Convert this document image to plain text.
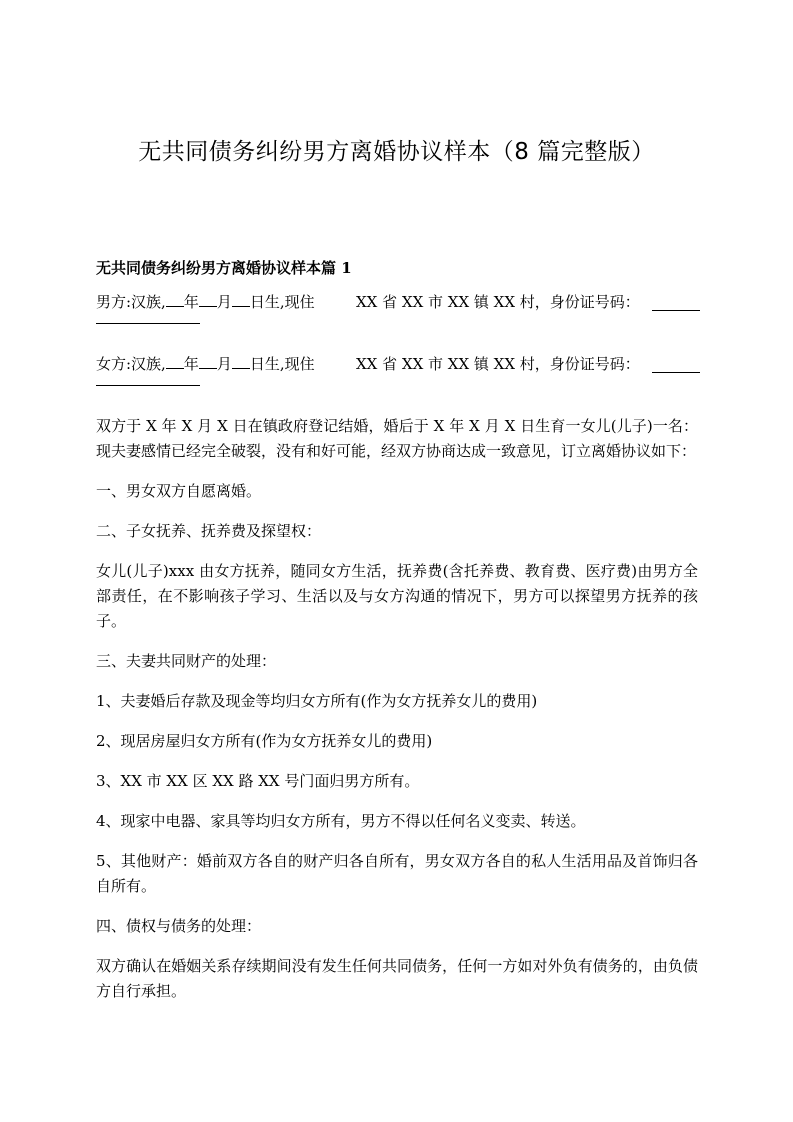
无共同债务纠纷男方离婚协议样本（8 篇完整版）
无共同债务纠纷男方离婚协议样本篇 1
男方:汉族, 年 月 日生,现住	XX 省 XX 市 XX 镇 XX 村，身份证号码：
女方:汉族, 年 月 日生,现住	XX 省 XX 市 XX 镇 XX 村，身份证号码：

双方于 X 年 X 月 X 日在镇政府登记结婚，婚后于 X 年 X 月 X 日生育一女儿(儿子)一名：现夫妻感情已经完全破裂，没有和好可能，经双方协商达成一致意见，订立离婚协议如下：

一、男女双方自愿离婚。

二、子女抚养、抚养费及探望权：

女儿(儿子)xxx 由女方抚养，随同女方生活，抚养费(含托养费、教育费、医疗费)由男方全部责任，在不影响孩子学习、生活以及与女方沟通的情况下，男方可以探望男方抚养的孩子。

三、夫妻共同财产的处理：

1、夫妻婚后存款及现金等均归女方所有(作为女方抚养女儿的费用)

2、现居房屋归女方所有(作为女方抚养女儿的费用)

3、XX 市 XX 区 XX 路 XX 号门面归男方所有。

4、现家中电器、家具等均归女方所有，男方不得以任何名义变卖、转送。

5、其他财产：婚前双方各自的财产归各自所有，男女双方各自的私人生活用品及首饰归各自所有。

四、债权与债务的处理：

双方确认在婚姻关系存续期间没有发生任何共同债务，任何一方如对外负有债务的，由负债方自行承担。
